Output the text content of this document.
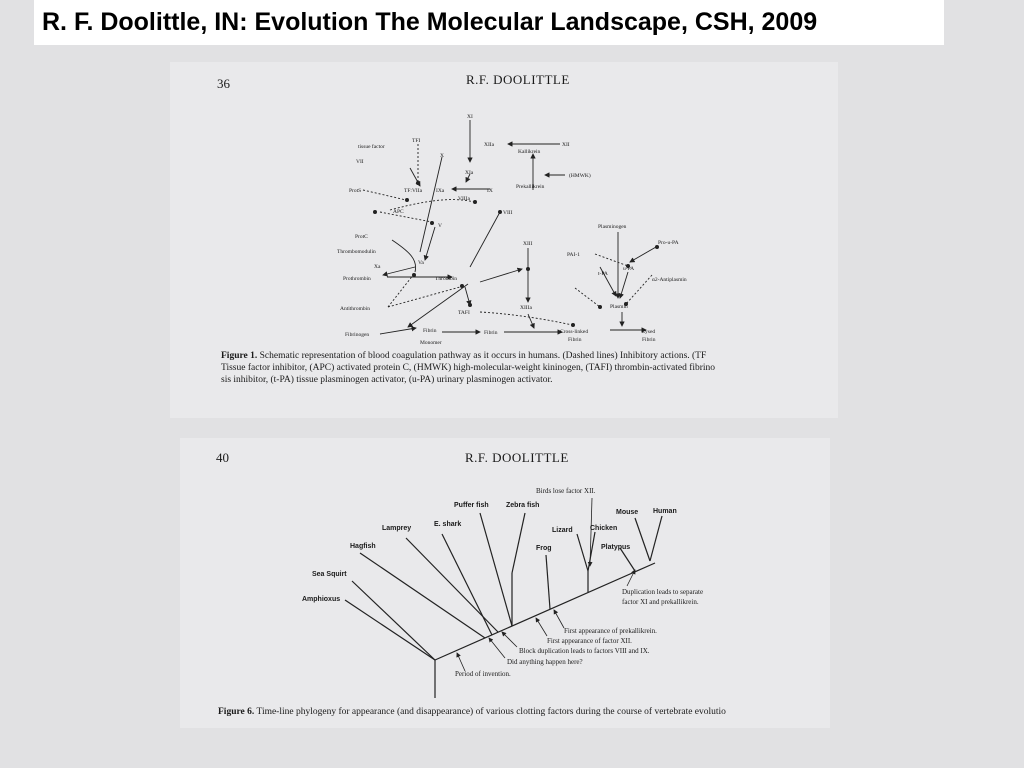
R. F. Doolittle, IN: Evolution The Molecular Landscape, CSH, 2009
36	R.F. DOOLITTLE
XI
XIIa	XII
Kallikrein
TFI
tissue factor
X
VII
XIa	(HMWK)
Prekallikrein
ProtS	TF:VIIa	IXa	IX
VIIIa
APC	VIII
ProtC
V
Thrombomodulin
Xa
Va
XIII
Prothrombin	Thrombin
Antithrombin
TAFI
XIIIa
Fibrinogen
Fibrin
Monomer
Fibrin	Cross-linked
Fibrin
Plasminogen
Pro-u-PA
PAI-1
t-PA
u-PA
α2-Antiplasmin
Plasmin
Lysed
Fibrin
Figure 1. Schematic representation of blood coagulation pathway as it occurs in humans. (Dashed lines) Inhibitory actions. (TF
Tissue factor inhibitor, (APC) activated protein C, (HMWK) high-molecular-weight kininogen, (TAFI) thrombin-activated fibrino
sis inhibitor, (t-PA) tissue plasminogen activator, (u-PA) urinary plasminogen activator.
40	R.F. DOOLITTLE
Amphioxus
Sea Squirt
Hagfish
Lamprey
E. shark
Puffer fish Zebra fish
Frog
Lizard Chicken
Platypus
Mouse Human
Birds lose factor XII.
Duplication leads to separate
factor XI and prekallikrein.
First appearance of prekallikrein.
First appearance of factor XII.
Block duplication leads to factors VIII and IX.
Did anything happen here?
Period of invention.
Figure 6. Time-line phylogeny for appearance (and disappearance) of various clotting factors during the course of vertebrate evolutio
